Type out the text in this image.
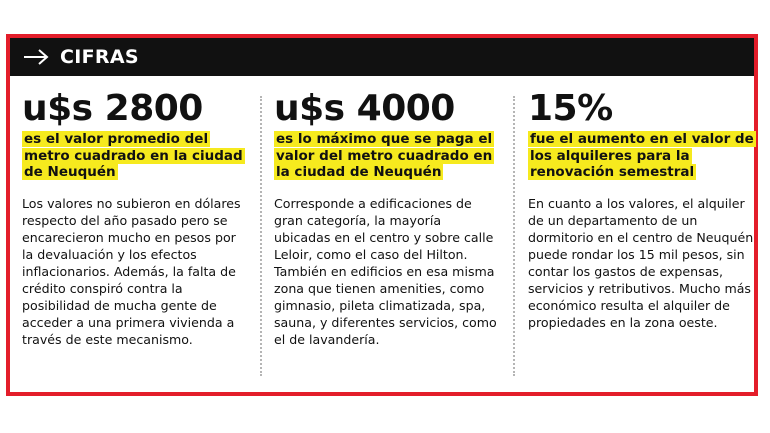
CIFRAS
u$s 2800
es el valor promedio del metro cuadrado en la ciudad de Neuquén
Los valores no subieron en dólares respecto del año pasado pero se encarecieron mucho en pesos por la devaluación y los efectos inflacionarios. Además, la falta de crédito conspiró contra la posibilidad de mucha gente de acceder a una primera vivienda a través de este mecanismo.
u$s 4000
es lo máximo que se paga el valor del metro cuadrado en la ciudad de Neuquén
Corresponde a edificaciones de gran categoría, la mayoría ubicadas en el centro y sobre calle Leloir, como el caso del Hilton. También en edificios en esa misma zona que tienen amenities, como gimnasio, pileta climatizada, spa, sauna, y diferentes servicios, como el de lavandería.
15%
fue el aumento en el valor de los alquileres para la renovación semestral
En cuanto a los valores, el alquiler de un departamento de un dormitorio en el centro de Neuquén puede rondar los 15 mil pesos, sin contar los gastos de expensas, servicios y retributivos. Mucho más económico resulta el alquiler de propiedades en la zona oeste.
